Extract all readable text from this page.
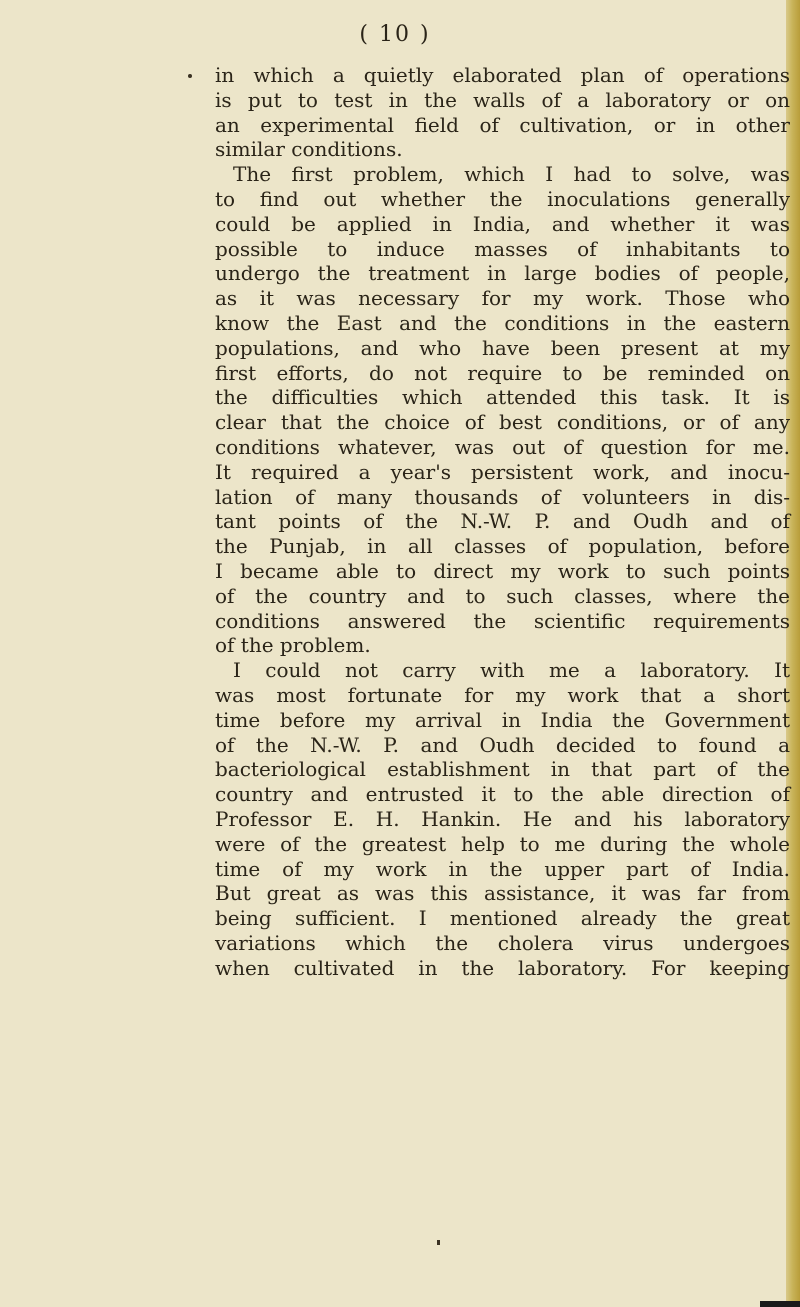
( 10 )
in which a quietly elaborated plan of operations
is put to test in the walls of a laboratory or on
an experimental field of cultivation, or in other
similar conditions.
The first problem, which I had to solve, was
to find out whether the inoculations generally
could be applied in India, and whether it was
possible to induce masses of inhabitants to
undergo the treatment in large bodies of people,
as it was necessary for my work. Those who
know the East and the conditions in the eastern
populations, and who have been present at my
first efforts, do not require to be reminded on
the difficulties which attended this task. It is
clear that the choice of best conditions, or of any
conditions whatever, was out of question for me.
It required a year's persistent work, and inocu-
lation of many thousands of volunteers in dis-
tant points of the N.-W. P. and Oudh and of
the Punjab, in all classes of population, before
I became able to direct my work to such points
of the country and to such classes, where the
conditions answered the scientific requirements
of the problem.
I could not carry with me a laboratory. It
was most fortunate for my work that a short
time before my arrival in India the Government
of the N.-W. P. and Oudh decided to found a
bacteriological establishment in that part of the
country and entrusted it to the able direction of
Professor E. H. Hankin. He and his laboratory
were of the greatest help to me during the whole
time of my work in the upper part of India.
But great as was this assistance, it was far from
being sufficient. I mentioned already the great
variations which the cholera virus undergoes
when cultivated in the laboratory. For keeping
